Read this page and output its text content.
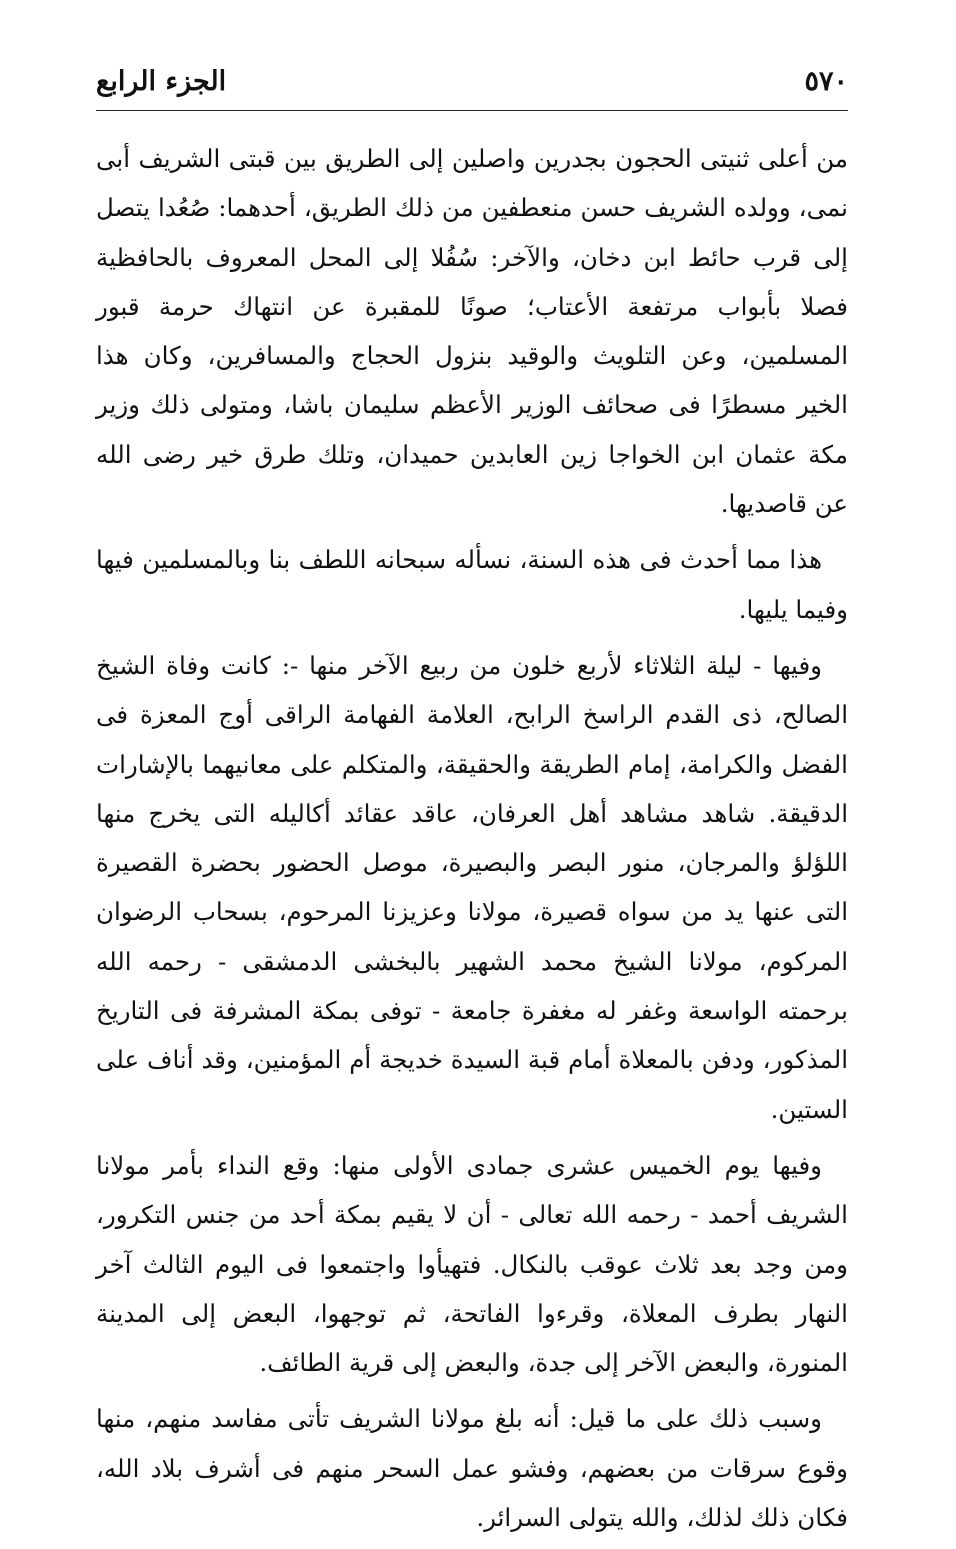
٥٧٠
الجزء الرابع

من أعلى ثنيتى الحجون بجدرين واصلين إلى الطريق بين قبتى الشريف أبى نمى، وولده الشريف حسن منعطفين من ذلك الطريق، أحدهما: صُعُدا يتصل إلى قرب حائط ابن دخان، والآخر: سُفُلا إلى المحل المعروف بالحافظية فصلا بأبواب مرتفعة الأعتاب؛ صونًا للمقبرة عن انتهاك حرمة قبور المسلمين، وعن التلويث والوقيد بنزول الحجاج والمسافرين، وكان هذا الخير مسطرًا فى صحائف الوزير الأعظم سليمان باشا، ومتولى ذلك وزير مكة عثمان ابن الخواجا زين العابدين حميدان، وتلك طرق خير رضى الله عن قاصديها.

هذا مما أحدث فى هذه السنة، نسأله سبحانه اللطف بنا وبالمسلمين فيها وفيما يليها.

وفيها - ليلة الثلاثاء لأربع خلون من ربيع الآخر منها -: كانت وفاة الشيخ الصالح، ذى القدم الراسخ الرابح، العلامة الفهامة الراقى أوج المعزة فى الفضل والكرامة، إمام الطريقة والحقيقة، والمتكلم على معانيهما بالإشارات الدقيقة. شاهد مشاهد أهل العرفان، عاقد عقائد أكاليله التى يخرج منها اللؤلؤ والمرجان، منور البصر والبصيرة، موصل الحضور بحضرة القصيرة التى عنها يد من سواه قصيرة، مولانا وعزيزنا المرحوم، بسحاب الرضوان المركوم، مولانا الشيخ محمد الشهير بالبخشى الدمشقى - رحمه الله برحمته الواسعة وغفر له مغفرة جامعة - توفى بمكة المشرفة فى التاريخ المذكور، ودفن بالمعلاة أمام قبة السيدة خديجة أم المؤمنين، وقد أناف على الستين.

وفيها يوم الخميس عشرى جمادى الأولى منها: وقع النداء بأمر مولانا الشريف أحمد - رحمه الله تعالى - أن لا يقيم بمكة أحد من جنس التكرور، ومن وجد بعد ثلاث عوقب بالنكال. فتهيأوا واجتمعوا فى اليوم الثالث آخر النهار بطرف المعلاة، وقرءوا الفاتحة، ثم توجهوا، البعض إلى المدينة المنورة، والبعض الآخر إلى جدة، والبعض إلى قرية الطائف.

وسبب ذلك على ما قيل: أنه بلغ مولانا الشريف تأتى مفاسد منهم، منها وقوع سرقات من بعضهم، وفشو عمل السحر منهم فى أشرف بلاد الله، فكان ذلك لذلك، والله يتولى السرائر.
